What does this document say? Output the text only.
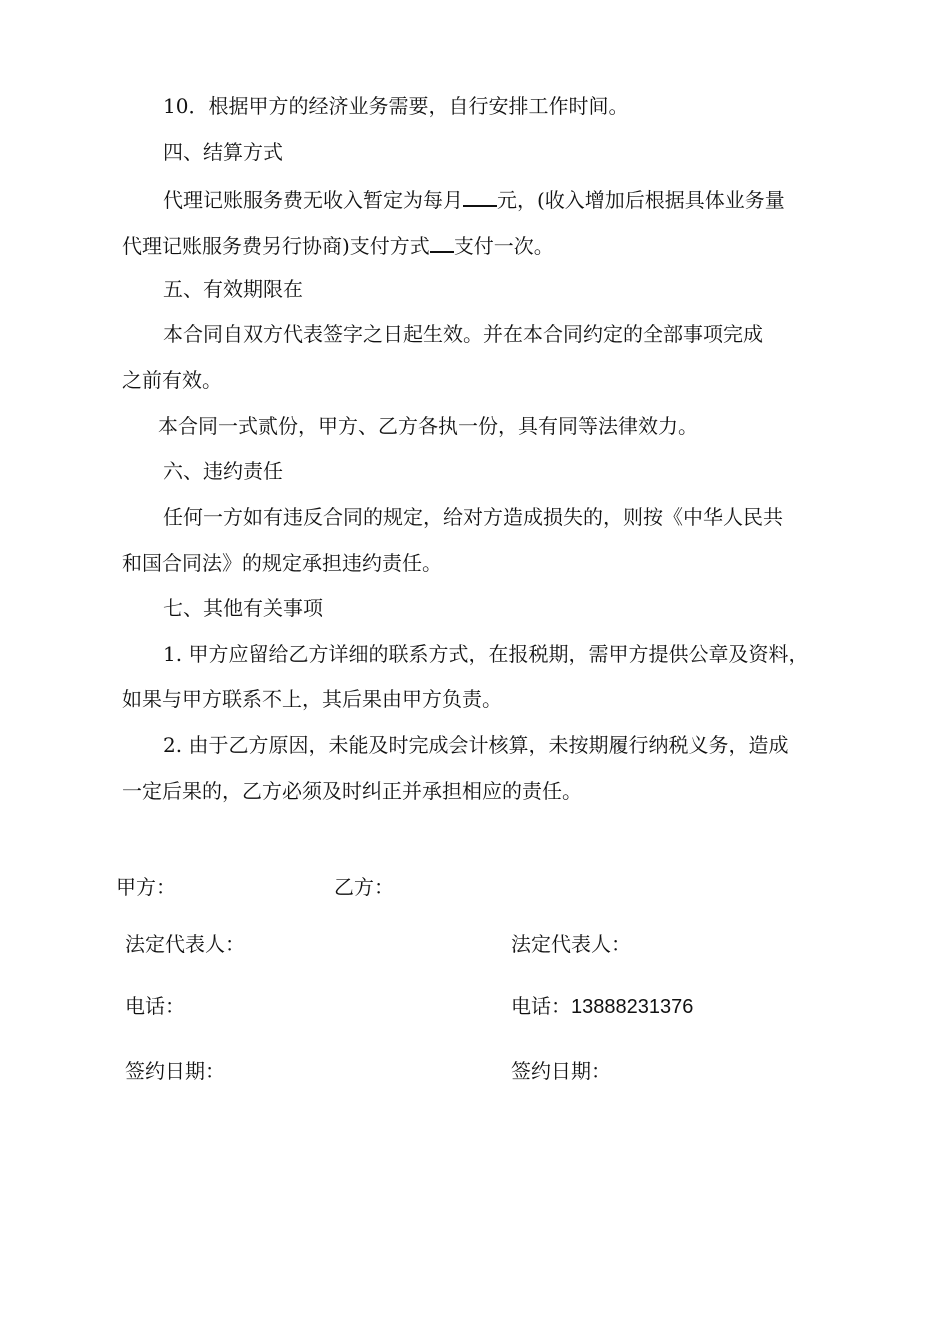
10．根据甲方的经济业务需要，自行安排工作时间。
四、结算方式
代理记账服务费无收入暂定为每月 元，(收入增加后根据具体业务量
代理记账服务费另行协商)支付方式 支付一次。
五、有效期限在
本合同自双方代表签字之日起生效。并在本合同约定的全部事项完成
之前有效。
本合同一式贰份，甲方、乙方各执一份，具有同等法律效力。
六、违约责任
任何一方如有违反合同的规定，给对方造成损失的，则按《中华人民共
和国合同法》的规定承担违约责任。
七、其他有关事项
1. 甲方应留给乙方详细的联系方式，在报税期，需甲方提供公章及资料，
如果与甲方联系不上，其后果由甲方负责。
2. 由于乙方原因，未能及时完成会计核算，未按期履行纳税义务，造成
一定后果的，乙方必须及时纠正并承担相应的责任。
甲方：	乙方：
法定代表人：	法定代表人：
电话：	电话：13888231376
签约日期：	签约日期：
